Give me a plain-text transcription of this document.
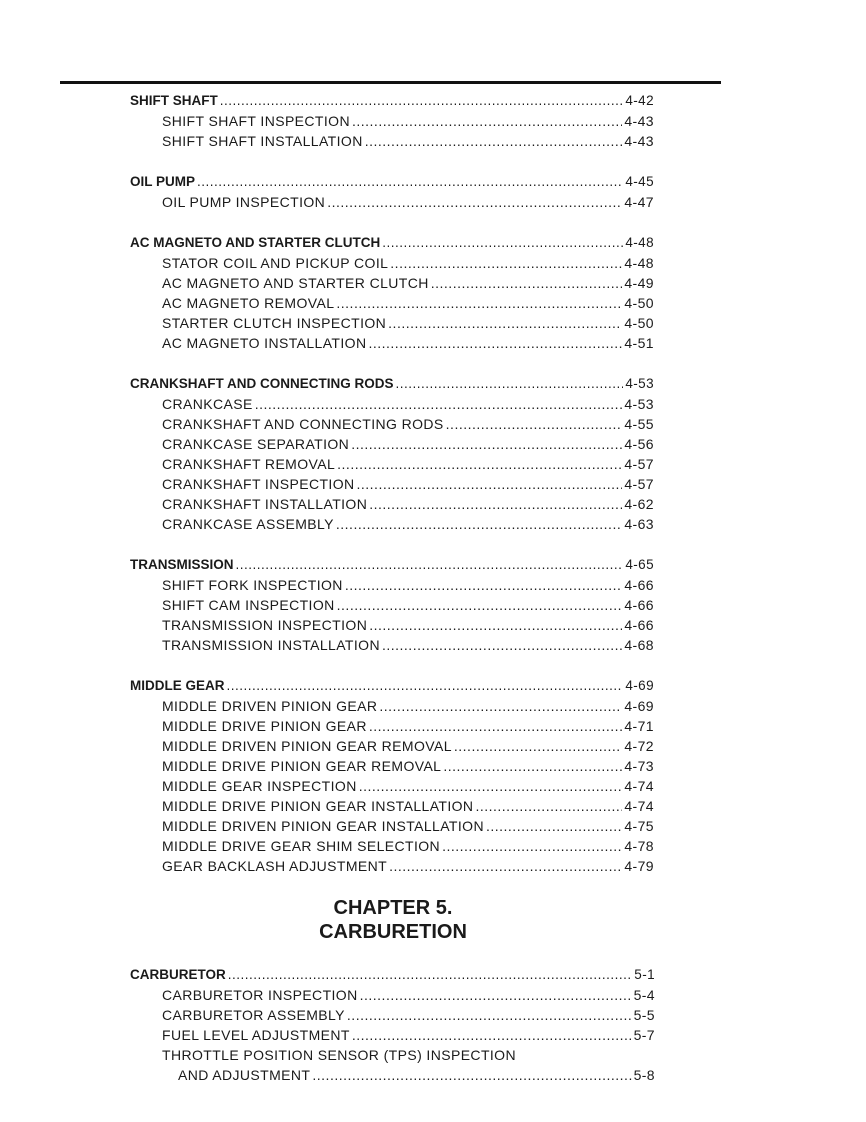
SHIFT SHAFT .....	4-42
SHIFT SHAFT INSPECTION .....	4-43
SHIFT SHAFT INSTALLATION .....	4-43
OIL PUMP .....	4-45
OIL PUMP INSPECTION .....	4-47
AC MAGNETO AND STARTER CLUTCH .....	4-48
STATOR COIL AND PICKUP COIL .....	4-48
AC MAGNETO AND STARTER CLUTCH .....	4-49
AC MAGNETO REMOVAL .....	4-50
STARTER CLUTCH INSPECTION .....	4-50
AC MAGNETO INSTALLATION .....	4-51
CRANKSHAFT AND CONNECTING RODS .....	4-53
CRANKCASE .....	4-53
CRANKSHAFT AND CONNECTING RODS .....	4-55
CRANKCASE SEPARATION .....	4-56
CRANKSHAFT REMOVAL .....	4-57
CRANKSHAFT INSPECTION .....	4-57
CRANKSHAFT INSTALLATION .....	4-62
CRANKCASE ASSEMBLY .....	4-63
TRANSMISSION .....	4-65
SHIFT FORK INSPECTION .....	4-66
SHIFT CAM INSPECTION .....	4-66
TRANSMISSION INSPECTION .....	4-66
TRANSMISSION INSTALLATION .....	4-68
MIDDLE GEAR .....	4-69
MIDDLE DRIVEN PINION GEAR .....	4-69
MIDDLE DRIVE PINION GEAR .....	4-71
MIDDLE DRIVEN PINION GEAR REMOVAL .....	4-72
MIDDLE DRIVE PINION GEAR REMOVAL .....	4-73
MIDDLE GEAR INSPECTION .....	4-74
MIDDLE DRIVE PINION GEAR INSTALLATION .....	4-74
MIDDLE DRIVEN PINION GEAR INSTALLATION .....	4-75
MIDDLE DRIVE GEAR SHIM SELECTION .....	4-78
GEAR BACKLASH ADJUSTMENT .....	4-79
CHAPTER 5.
CARBURETION
CARBURETOR .....	5-1
CARBURETOR INSPECTION .....	5-4
CARBURETOR ASSEMBLY .....	5-5
FUEL LEVEL ADJUSTMENT .....	5-7
THROTTLE POSITION SENSOR (TPS) INSPECTION
AND ADJUSTMENT .....	5-8
